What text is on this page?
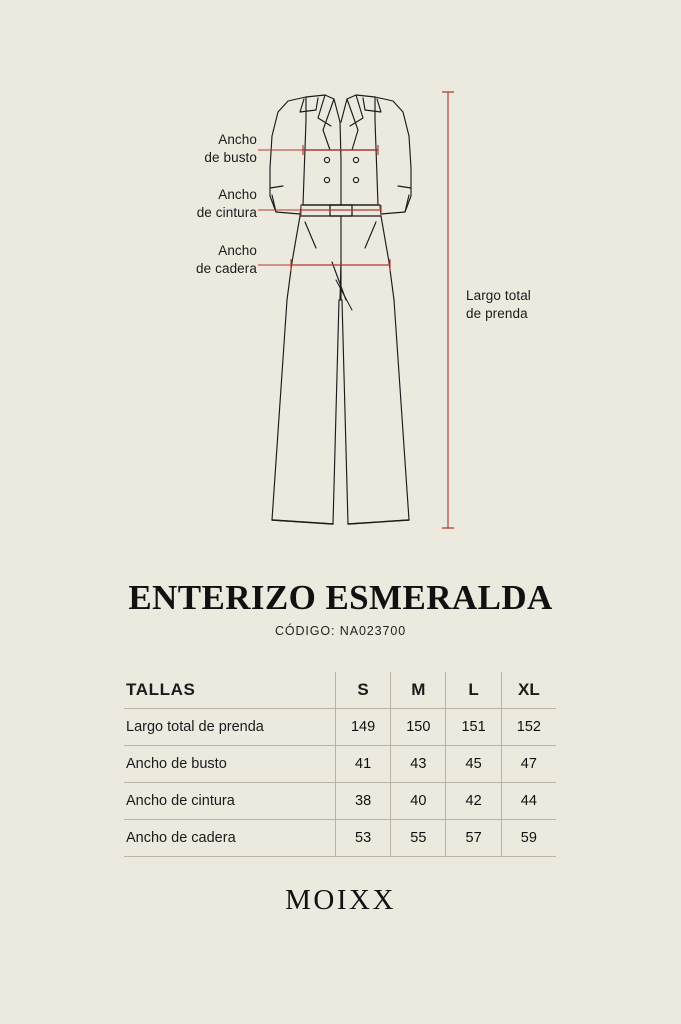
Ancho
de busto
Ancho
de cintura
Ancho
de cadera
Largo total
de prenda
ENTERIZO ESMERALDA
CÓDIGO: NA023700
TALLAS	S	M	L	XL
Largo total de prenda	149	150	151	152
Ancho de busto	41	43	45	47
Ancho de cintura	38	40	42	44
Ancho de cadera	53	55	57	59
MOIXX
